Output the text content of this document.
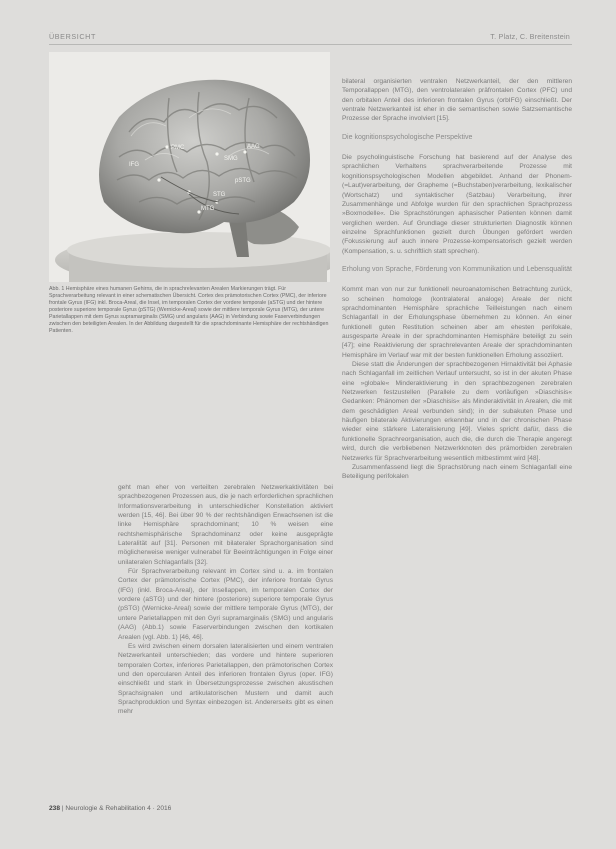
ÜBERSICHT	T. Platz, C. Breitenstein
PMC
SMG
AAG
IFG
STG
MTG
pSTG

Abb. 1 Hemisphäre eines humanen Gehirns, die in sprachrelevanten Arealen Markierungen trägt. Für Sprachverarbeitung relevant in einer schematischen Übersicht. Cortex des prämotorischen Cortex (PMC), der inferiore frontale Gyrus (IFG) inkl. Broca-Areal, die Insel, im temporalen Cortex der vordere temporale (aSTG) und der hintere posteriore superiore temporale Gyrus (pSTG) (Wernicke-Areal) sowie der mittlere temporale Gyrus (MTG), der untere Parietallappen mit dem Gyrus supramarginalis (SMG) und angularis (AAG) in Verbindung sowie Faserverbindungen zwischen den beteiligten Arealen. In der Abbildung dargestellt für die sprachdominante Hemisphäre der rechtshändigen Patienten.

geht man eher von verteilten zerebralen Netzwerkaktivitäten bei sprachbezogenen Prozessen aus, die je nach erforderlichen sprachlichen Informationsverarbeitung in unterschiedlicher Konstellation aktiviert werden [15, 46]. Bei über 90 % der rechtshändigen Erwachsenen ist die linke Hemisphäre sprachdominant; 10 % weisen eine rechtshemisphärische Sprachdominanz oder keine ausgeprägte Lateralität auf [31]. Personen mit bilateraler Sprachorganisation sind möglicherweise weniger vulnerabel für Beeinträchtigungen in Folge einer unilateralen Schlaganfalls [32].

Für Sprachverarbeitung relevant im Cortex sind u. a. im frontalen Cortex der prämotorische Cortex (PMC), der inferiore frontale Gyrus (IFG) (inkl. Broca-Areal), der Insellappen, im temporalen Cortex der vordere (aSTG) und der hintere (posteriore) superiore temporale Gyrus (pSTG) (Wernicke-Areal) sowie der mittlere temporale Gyrus (MTG), der untere Parietallappen mit den Gyri supramarginalis (SMG) und angularis (AAG) (Abb.1) sowie Faserverbindungen zwischen den kortikalen Arealen (vgl. Abb. 1) [46, 46].

Es wird zwischen einem dorsalen lateralisierten und einem ventralen Netzwerkanteil unterschieden; das vordere und hintere superioren temporalen Cortex, inferiores Parietallappen, den prämotorischen Cortex und den opercularen Anteil des inferioren frontalen Gyrus (oper. IFG) einschließt und stark in Übersetzungsprozesse zwischen akustischen Sprachsignalen und artikulatorischen Mustern und damit auch Sprachproduktion und Syntax einbezogen ist. Andererseits gibt es einen mehr

bilateral organisierten ventralen Netzwerkanteil, der den mittleren Temporallappen (MTG), den ventrolateralen präfrontalen Cortex (PFC) und den orbitalen Anteil des inferioren frontalen Gyrus (orbIFG) einschließt. Der ventrale Netzwerkanteil ist eher in die semantischen sowie Satzsemantische Prozesse der Sprache involviert [15].

Die kognitionspsychologische Perspektive

Die psycholinguistische Forschung hat basierend auf der Analyse des sprachlichen Verhaltens sprachverarbeitende Prozesse mit kognitionspsychologischen Modellen abgebildet. Anhand der Phonem-(=Laut)verarbeitung, der Grapheme (=Buchstaben)verarbeitung, lexikalischer (Wortschatz) und syntaktischer (Satzbau) Verarbeitung, ihrer Zusammenhänge und Abfolge wurden für den sprachlichen Sprachprozess »Boxmodelle«. Die Sprachstörungen aphasischer Patienten können damit verglichen werden. Auf Grundlage dieser strukturierten Diagnostik können einzelne Sprachfunktionen gezielt durch Übungen gefördert werden (Fokussierung auf auch innere Prozesse-kompensatorisch gezielt werden (Kompensation, s. u. schriftlich statt sprechen).

Erholung von Sprache, Förderung von Kommunikation und Lebensqualität

Kommt man von nur zur funktionell neuroanatomischen Betrachtung zurück, so scheinen homologe (kontralateral analoge) Areale der nicht sprachdominanten Hemisphäre sprachliche Teilleistungen nach einem Schlaganfall in der Erholungsphase übernehmen zu können. An einer funktionell guten Restitution scheinen aber am ehesten perifokale, ausgesparte Areale in der sprachdominanten Hemisphäre beteiligt zu sein [47]; eine Reaktivierung der sprachrelevanten Areale der sprachdominanten Hemisphäre im Verlauf war mit der besten funktionellen Erholung assoziiert.

Diese statt die Änderungen der sprachbezogenen Hirnaktivität bei Aphasie nach Schlaganfall im zeitlichen Verlauf untersucht, so ist in der akuten Phase eine »globale« Minderaktivierung in den sprachbezogenen zerebralen Netzwerken festzustellen (Parallele zu dem vorläufigen »Diaschisis« Gedanken: Phänomen der »Diaschisis« als Minderaktivität in Arealen, die mit dem geschädigten Areal verbunden sind); in der subakuten Phase und häufigen bilaterale Aktivierungen erkennbar und in der chronischen Phase wieder eine stärkere Lateralisierung [49]. Vieles spricht dafür, dass die funktionelle Sprachreorganisation, auch die, die durch die Therapie angeregt wird, durch die verbliebenen Netzwerkknoten des prämorbiden zerebralen Netzwerks für Sprachverarbeitung wesentlich mitbestimmt wird [48].

Zusammenfassend liegt die Sprachstörung nach einem Schlaganfall eine Beteiligung perifokalen

238 | Neurologie & Rehabilitation 4 · 2016
